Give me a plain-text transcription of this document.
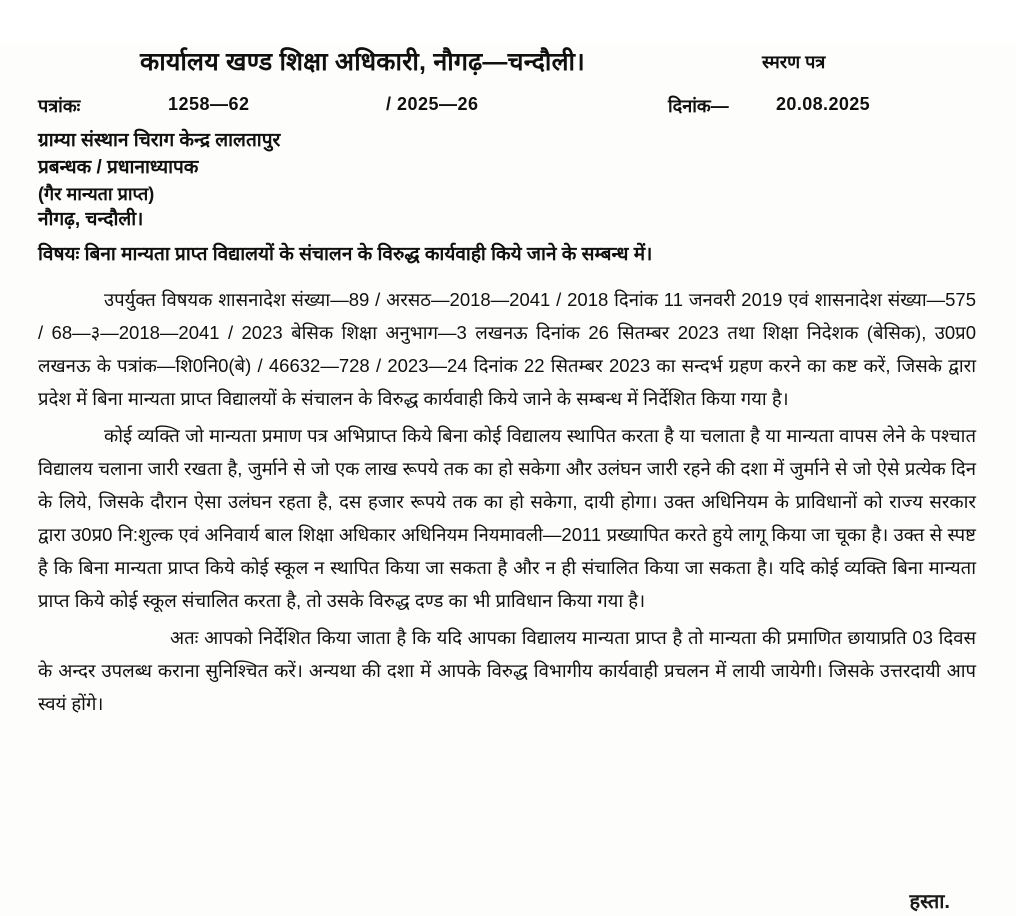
कार्यालय खण्ड शिक्षा अधिकारी, नौगढ़—चन्दौली।	स्मरण पत्र
पत्रांकः	1258—62	/ 2025—26	दिनांक—	20.08.2025
ग्राम्या संस्थान चिराग केन्द्र लालतापुर
प्रबन्धक / प्रधानाध्यापक
(गैर मान्यता प्राप्त)
नौगढ़, चन्दौली।
विषयः बिना मान्यता प्राप्त विद्यालयों के संचालन के विरुद्ध कार्यवाही किये जाने के सम्बन्ध में।

उपर्युक्त विषयक शासनादेश संख्या—89 / अरसठ—2018—2041 / 2018 दिनांक 11 जनवरी 2019 एवं शासनादेश संख्या—575 / 68—३—2018—2041 / 2023 बेसिक शिक्षा अनुभाग—3 लखनऊ दिनांक 26 सितम्बर 2023 तथा शिक्षा निदेशक (बेसिक), उ0प्र0 लखनऊ के पत्रांक—शि0नि0(बे) / 46632—728 / 2023—24 दिनांक 22 सितम्बर 2023 का सन्दर्भ ग्रहण करने का कष्ट करें, जिसके द्वारा प्रदेश में बिना मान्यता प्राप्त विद्यालयों के संचालन के विरुद्ध कार्यवाही किये जाने के सम्बन्ध में निर्देशित किया गया है।

कोई व्यक्ति जो मान्यता प्रमाण पत्र अभिप्राप्त किये बिना कोई विद्यालय स्थापित करता है या चलाता है या मान्यता वापस लेने के पश्चात विद्यालय चलाना जारी रखता है, जुर्माने से जो एक लाख रूपये तक का हो सकेगा और उलंघन जारी रहने की दशा में जुर्माने से जो ऐसे प्रत्येक दिन के लिये, जिसके दौरान ऐसा उलंघन रहता है, दस हजार रूपये तक का हो सकेगा, दायी होगा। उक्त अधिनियम के प्राविधानों को राज्य सरकार द्वारा उ0प्र0 नि:शुल्क एवं अनिवार्य बाल शिक्षा अधिकार अधिनियम नियमावली—2011 प्रख्यापित करते हुये लागू किया जा चूका है। उक्त से स्पष्ट है कि बिना मान्यता प्राप्त किये कोई स्कूल न स्थापित किया जा सकता है और न ही संचालित किया जा सकता है। यदि कोई व्यक्ति बिना मान्यता प्राप्त किये कोई स्कूल संचालित करता है, तो उसके विरुद्ध दण्ड का भी प्राविधान किया गया है।

अतः आपको निर्देशित किया जाता है कि यदि आपका विद्यालय मान्यता प्राप्त है तो मान्यता की प्रमाणित छायाप्रति 03 दिवस के अन्दर उपलब्ध कराना सुनिश्चित करें। अन्यथा की दशा में आपके विरुद्ध विभागीय कार्यवाही प्रचलन में लायी जायेगी। जिसके उत्तरदायी आप स्वयं होंगे।

हस्ता.
